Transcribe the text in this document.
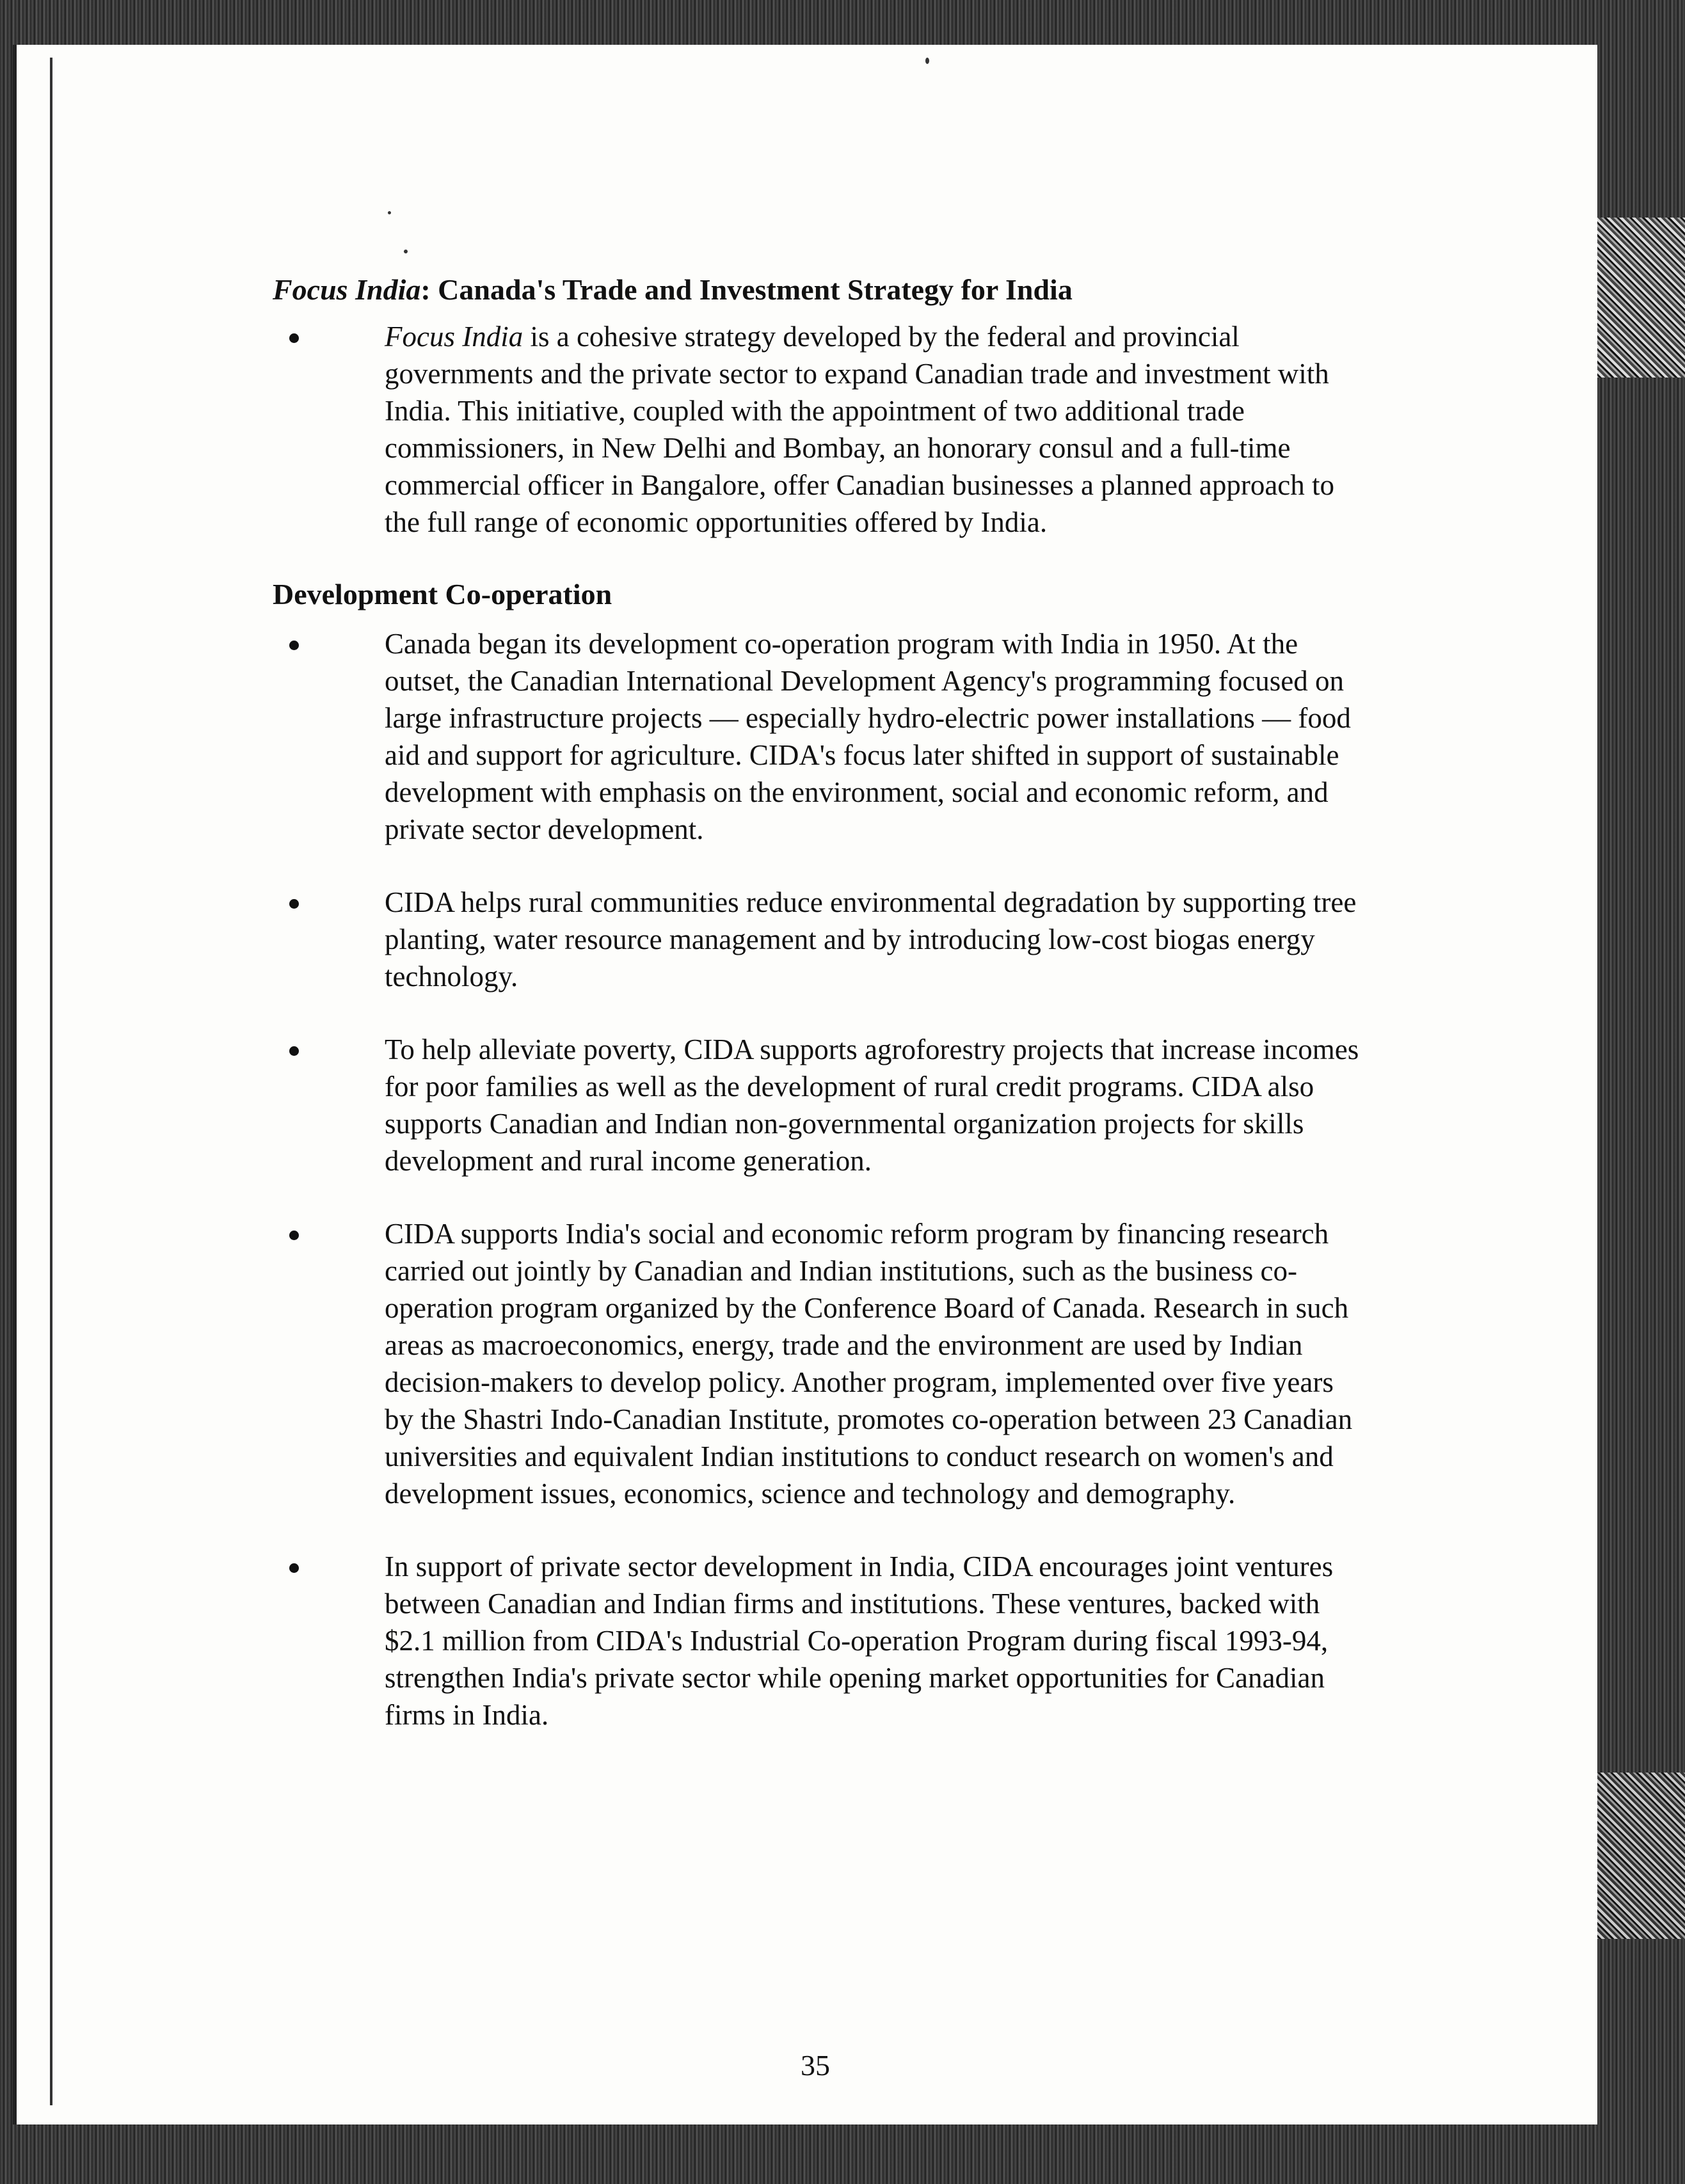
Focus India: Canada's Trade and Investment Strategy for India
Focus India is a cohesive strategy developed by the federal and provincial governments and the private sector to expand Canadian trade and investment with India. This initiative, coupled with the appointment of two additional trade commissioners, in New Delhi and Bombay, an honorary consul and a full-time commercial officer in Bangalore, offer Canadian businesses a planned approach to the full range of economic opportunities offered by India.
Development Co-operation
Canada began its development co-operation program with India in 1950. At the outset, the Canadian International Development Agency's programming focused on large infrastructure projects — especially hydro-electric power installations — food aid and support for agriculture. CIDA's focus later shifted in support of sustainable development with emphasis on the environment, social and economic reform, and private sector development.
CIDA helps rural communities reduce environmental degradation by supporting tree planting, water resource management and by introducing low-cost biogas energy technology.
To help alleviate poverty, CIDA supports agroforestry projects that increase incomes for poor families as well as the development of rural credit programs. CIDA also supports Canadian and Indian non-governmental organization projects for skills development and rural income generation.
CIDA supports India's social and economic reform program by financing research carried out jointly by Canadian and Indian institutions, such as the business co-operation program organized by the Conference Board of Canada. Research in such areas as macroeconomics, energy, trade and the environment are used by Indian decision-makers to develop policy. Another program, implemented over five years by the Shastri Indo-Canadian Institute, promotes co-operation between 23 Canadian universities and equivalent Indian institutions to conduct research on women's and development issues, economics, science and technology and demography.
In support of private sector development in India, CIDA encourages joint ventures between Canadian and Indian firms and institutions. These ventures, backed with $2.1 million from CIDA's Industrial Co-operation Program during fiscal 1993-94, strengthen India's private sector while opening market opportunities for Canadian firms in India.
35
